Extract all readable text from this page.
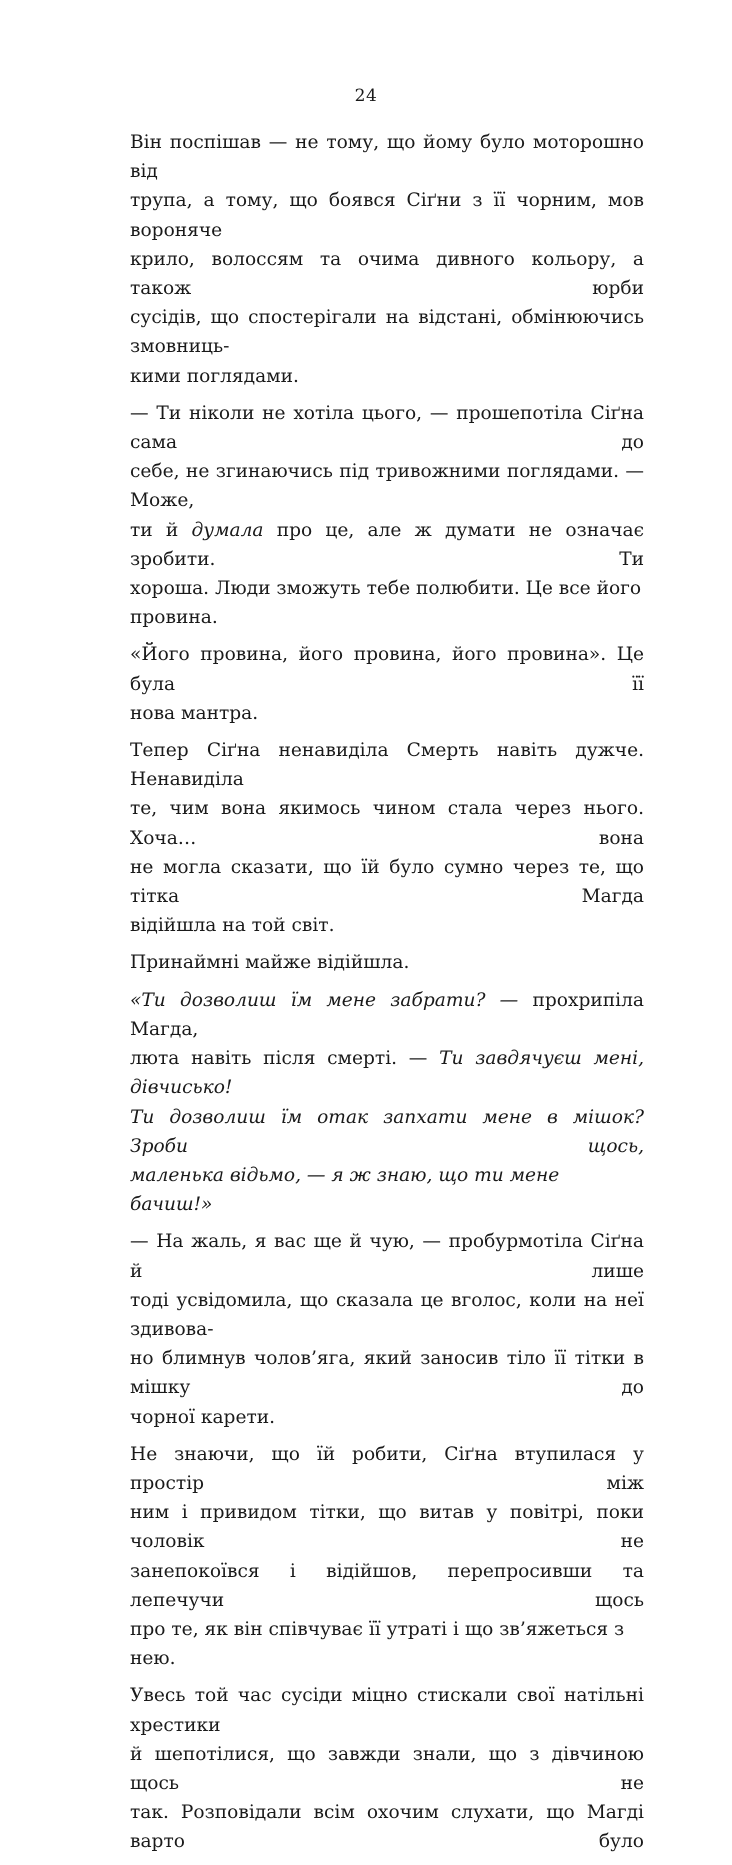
24
Він поспішав — не тому, що йому було моторошно від
трупа, а тому, що боявся Сіґни з її чорним, мов вороняче
крило, волоссям та очима дивного кольору, а також юрби
сусідів, що спостерігали на відстані, обмінюючись змовниць-
кими поглядами.
— Ти ніколи не хотіла цього, — прошепотіла Сіґна сама до
себе, не згинаючись під тривожними поглядами. — Може,
ти й думала про це, але ж думати не означає зробити. Ти
хороша. Люди зможуть тебе полюбити. Це все його провина.
«Його провина, його провина, його провина». Це була її
нова мантра.
Тепер Сіґна ненавиділа Смерть навіть дужче. Ненавиділа
те, чим вона якимось чином стала через нього. Хоча… вона
не могла сказати, що їй було сумно через те, що тітка Магда
відійшла на той світ.
Принаймні майже відійшла.
«Ти дозволиш їм мене забрати? — прохрипіла Магда,
люта навіть після смерті. — Ти завдячуєш мені, дівчисько!
Ти дозволиш їм отак запхати мене в мішок? Зроби щось,
маленька відьмо, — я ж знаю, що ти мене бачиш!»
— На жаль, я вас ще й чую, — пробурмотіла Сіґна й лише
тоді усвідомила, що сказала це вголос, коли на неї здивова-
но блимнув чолов’яга, який заносив тіло її тітки в мішку до
чорної карети.
Не знаючи, що їй робити, Сіґна втупилася у простір між
ним і привидом тітки, що витав у повітрі, поки чоловік не
занепокоївся і відійшов, перепросивши та лепечучи щось
про те, як він співчуває її утраті і що зв’яжеться з нею.
Увесь той час сусіди міцно стискали свої натільні хрестики
й шепотілися, що завжди знали, що з дівчиною щось не
так. Розповідали всім охочим слухати, що Магді варто було
